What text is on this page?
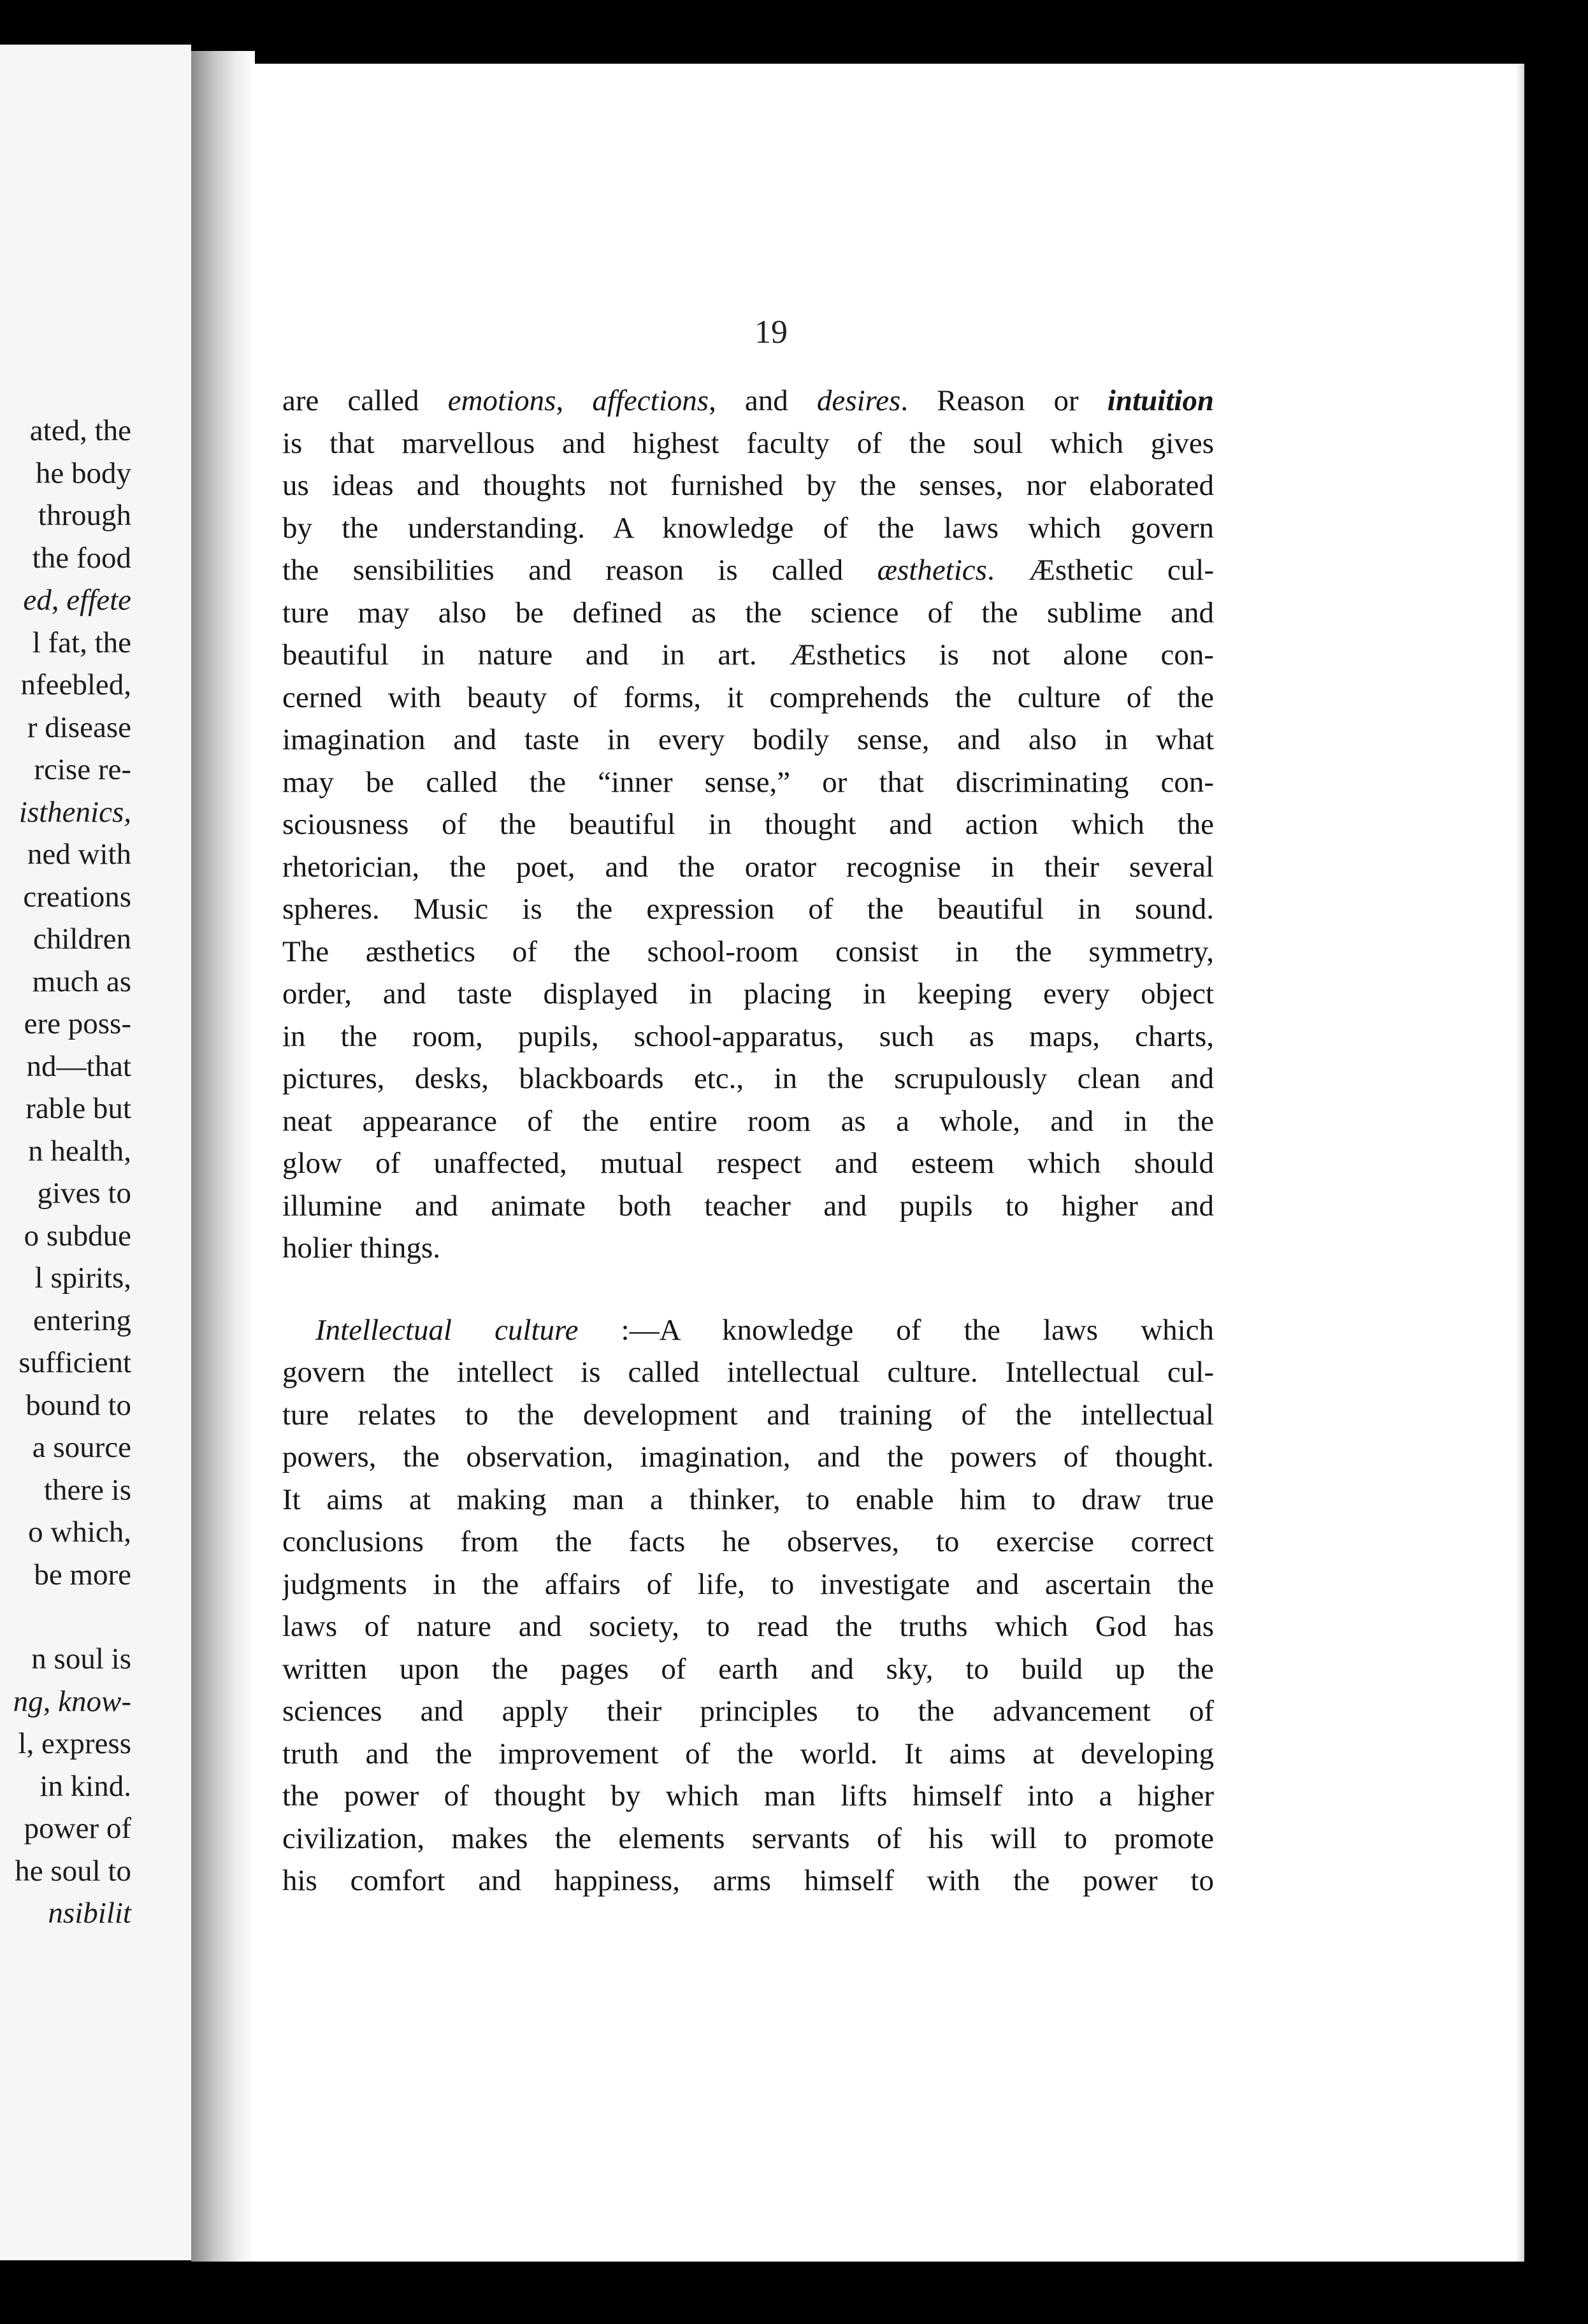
ated, the
he body
through
the food
ed, effete
l fat, the
nfeebled,
r disease
rcise re-
isthenics,
ned with
creations
children
much as
ere poss-
nd—that
rable but
n health,
gives to
o subdue
l spirits,
entering
sufficient
bound to
a source
there is
o which,
be more
n soul is
ng, know-
l, express
in kind.
power of
he soul to
nsibilit
19
are called emotions, affections, and desires. Reason or intuition
is that marvellous and highest faculty of the soul which gives
us ideas and thoughts not furnished by the senses, nor elaborated
by the understanding. A knowledge of the laws which govern
the sensibilities and reason is called æsthetics. Æsthetic cul-
ture may also be defined as the science of the sublime and
beautiful in nature and in art. Æsthetics is not alone con-
cerned with beauty of forms, it comprehends the culture of the
imagination and taste in every bodily sense, and also in what
may be called the “inner sense,” or that discriminating con-
sciousness of the beautiful in thought and action which the
rhetorician, the poet, and the orator recognise in their several
spheres. Music is the expression of the beautiful in sound.
The æsthetics of the school-room consist in the symmetry,
order, and taste displayed in placing in keeping every object
in the room, pupils, school-apparatus, such as maps, charts,
pictures, desks, blackboards etc., in the scrupulously clean and
neat appearance of the entire room as a whole, and in the
glow of unaffected, mutual respect and esteem which should
illumine and animate both teacher and pupils to higher and
holier things.
Intellectual culture :—A knowledge of the laws which
govern the intellect is called intellectual culture. Intellectual cul-
ture relates to the development and training of the intellectual
powers, the observation, imagination, and the powers of thought.
It aims at making man a thinker, to enable him to draw true
conclusions from the facts he observes, to exercise correct
judgments in the affairs of life, to investigate and ascertain the
laws of nature and society, to read the truths which God has
written upon the pages of earth and sky, to build up the
sciences and apply their principles to the advancement of
truth and the improvement of the world. It aims at developing
the power of thought by which man lifts himself into a higher
civilization, makes the elements servants of his will to promote
his comfort and happiness, arms himself with the power to
